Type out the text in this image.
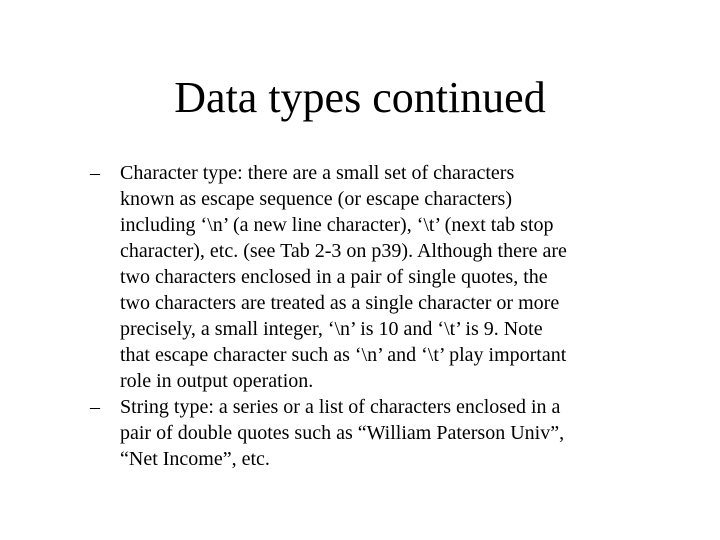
Data types continued
– Character type: there are a small set of characters
known as escape sequence (or escape characters)
including ‘\n’ (a new line character), ‘\t’ (next tab stop
character), etc. (see Tab 2-3 on p39). Although there are
two characters enclosed in a pair of single quotes, the
two characters are treated as a single character or more
precisely, a small integer, ‘\n’ is 10 and ‘\t’ is 9. Note
that escape character such as ‘\n’ and ‘\t’ play important
role in output operation.
– String type: a series or a list of characters enclosed in a
pair of double quotes such as “William Paterson Univ”,
“Net Income”, etc.
